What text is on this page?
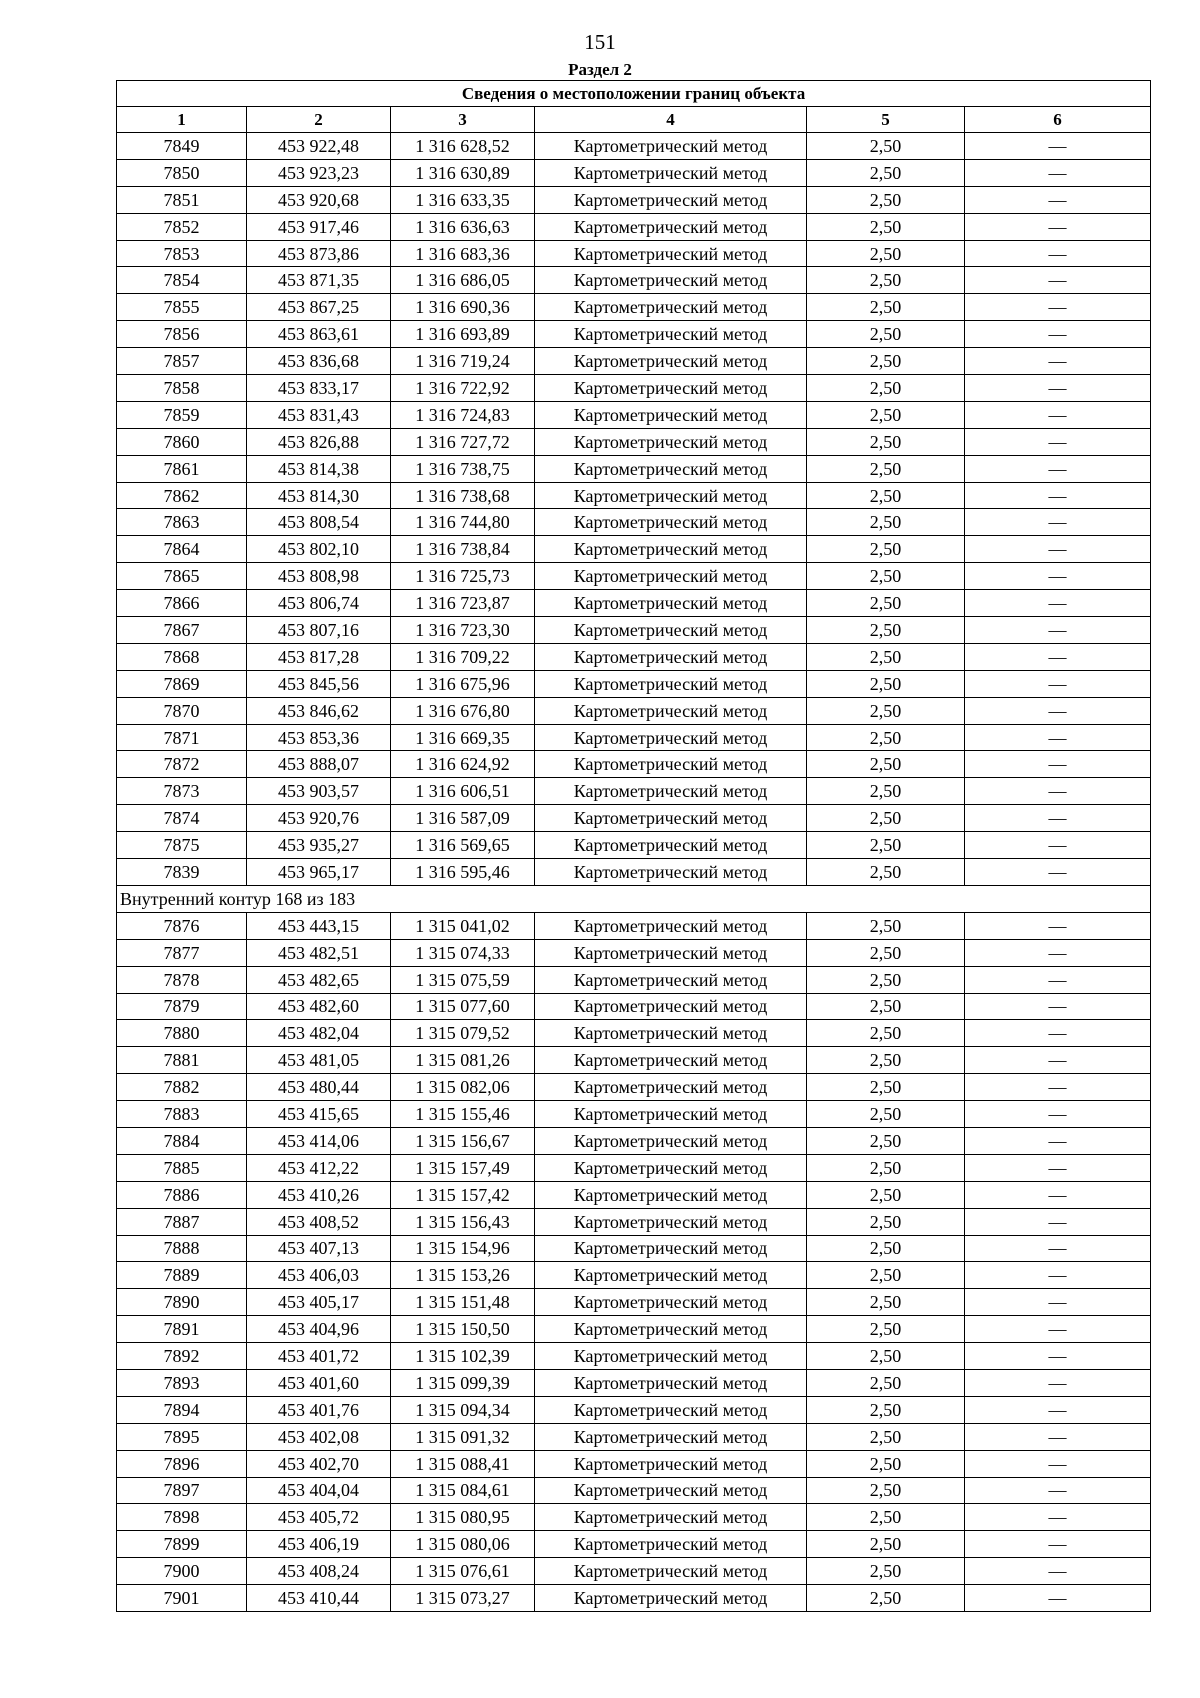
151
Раздел 2
Сведения о местоположении границ объекта					
1	2	3	4	5	6
7849	453 922,48	1 316 628,52	Картометрический метод	2,50	—
7850	453 923,23	1 316 630,89	Картометрический метод	2,50	—
7851	453 920,68	1 316 633,35	Картометрический метод	2,50	—
7852	453 917,46	1 316 636,63	Картометрический метод	2,50	—
7853	453 873,86	1 316 683,36	Картометрический метод	2,50	—
7854	453 871,35	1 316 686,05	Картометрический метод	2,50	—
7855	453 867,25	1 316 690,36	Картометрический метод	2,50	—
7856	453 863,61	1 316 693,89	Картометрический метод	2,50	—
7857	453 836,68	1 316 719,24	Картометрический метод	2,50	—
7858	453 833,17	1 316 722,92	Картометрический метод	2,50	—
7859	453 831,43	1 316 724,83	Картометрический метод	2,50	—
7860	453 826,88	1 316 727,72	Картометрический метод	2,50	—
7861	453 814,38	1 316 738,75	Картометрический метод	2,50	—
7862	453 814,30	1 316 738,68	Картометрический метод	2,50	—
7863	453 808,54	1 316 744,80	Картометрический метод	2,50	—
7864	453 802,10	1 316 738,84	Картометрический метод	2,50	—
7865	453 808,98	1 316 725,73	Картометрический метод	2,50	—
7866	453 806,74	1 316 723,87	Картометрический метод	2,50	—
7867	453 807,16	1 316 723,30	Картометрический метод	2,50	—
7868	453 817,28	1 316 709,22	Картометрический метод	2,50	—
7869	453 845,56	1 316 675,96	Картометрический метод	2,50	—
7870	453 846,62	1 316 676,80	Картометрический метод	2,50	—
7871	453 853,36	1 316 669,35	Картометрический метод	2,50	—
7872	453 888,07	1 316 624,92	Картометрический метод	2,50	—
7873	453 903,57	1 316 606,51	Картометрический метод	2,50	—
7874	453 920,76	1 316 587,09	Картометрический метод	2,50	—
7875	453 935,27	1 316 569,65	Картометрический метод	2,50	—
7839	453 965,17	1 316 595,46	Картометрический метод	2,50	—
Внутренний контур 168 из 183					
7876	453 443,15	1 315 041,02	Картометрический метод	2,50	—
7877	453 482,51	1 315 074,33	Картометрический метод	2,50	—
7878	453 482,65	1 315 075,59	Картометрический метод	2,50	—
7879	453 482,60	1 315 077,60	Картометрический метод	2,50	—
7880	453 482,04	1 315 079,52	Картометрический метод	2,50	—
7881	453 481,05	1 315 081,26	Картометрический метод	2,50	—
7882	453 480,44	1 315 082,06	Картометрический метод	2,50	—
7883	453 415,65	1 315 155,46	Картометрический метод	2,50	—
7884	453 414,06	1 315 156,67	Картометрический метод	2,50	—
7885	453 412,22	1 315 157,49	Картометрический метод	2,50	—
7886	453 410,26	1 315 157,42	Картометрический метод	2,50	—
7887	453 408,52	1 315 156,43	Картометрический метод	2,50	—
7888	453 407,13	1 315 154,96	Картометрический метод	2,50	—
7889	453 406,03	1 315 153,26	Картометрический метод	2,50	—
7890	453 405,17	1 315 151,48	Картометрический метод	2,50	—
7891	453 404,96	1 315 150,50	Картометрический метод	2,50	—
7892	453 401,72	1 315 102,39	Картометрический метод	2,50	—
7893	453 401,60	1 315 099,39	Картометрический метод	2,50	—
7894	453 401,76	1 315 094,34	Картометрический метод	2,50	—
7895	453 402,08	1 315 091,32	Картометрический метод	2,50	—
7896	453 402,70	1 315 088,41	Картометрический метод	2,50	—
7897	453 404,04	1 315 084,61	Картометрический метод	2,50	—
7898	453 405,72	1 315 080,95	Картометрический метод	2,50	—
7899	453 406,19	1 315 080,06	Картометрический метод	2,50	—
7900	453 408,24	1 315 076,61	Картометрический метод	2,50	—
7901	453 410,44	1 315 073,27	Картометрический метод	2,50	—
